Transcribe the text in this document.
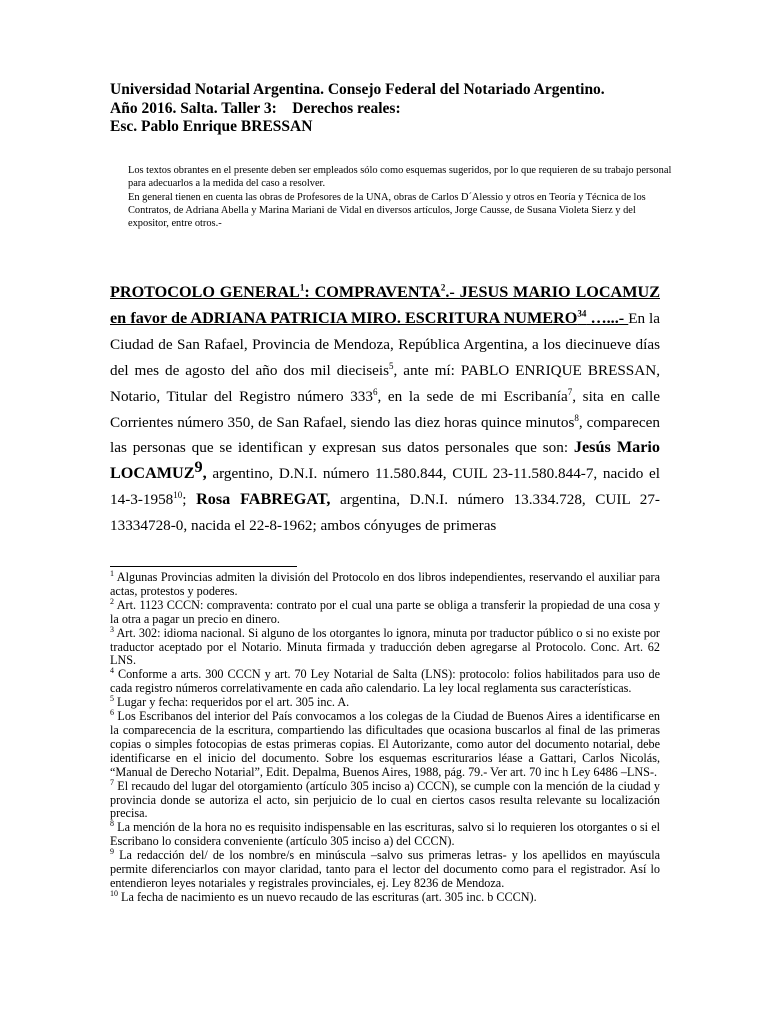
Universidad Notarial Argentina. Consejo Federal del Notariado Argentino.
Año 2016. Salta. Taller 3:    Derechos reales:
Esc. Pablo Enrique BRESSAN

Los textos obrantes en el presente deben ser empleados sólo como esquemas sugeridos, por lo que requieren de su trabajo personal para adecuarlos a la medida del caso a resolver.

En general tienen en cuenta las obras de Profesores de la UNA, obras de Carlos D´Alessio y otros en Teoría y Técnica de los Contratos, de Adriana Abella y Marina Mariani de Vidal en diversos artículos, Jorge Causse, de Susana Violeta Sierz y del expositor, entre otros.-

PROTOCOLO GENERAL$^1$: COMPRAVENTA$^2$.- JESUS MARIO LOCAMUZ en favor de ADRIANA PATRICIA MIRO. ESCRITURA NUMERO$^{34}$ …...- En la Ciudad de San Rafael, Provincia de Mendoza, República Argentina, a los diecinueve días del mes de agosto del año dos mil dieciseis$^5$, ante mí: PABLO ENRIQUE BRESSAN, Notario, Titular del Registro número $333^6$, en la sede de mi Escribanía$^7$, sita en calle Corrientes número 350, de San Rafael, siendo las diez horas quince minutos$^8$, comparecen las personas que se identifican y expresan sus datos personales que son: Jesús Mario LOCAMUZ$^9$, argentino, D.N.I. número 11.580.844, CUIL 23-11.580.844-7, nacido el 14-3-1958$^{10}$; Rosa FABREGAT, argentina, D.N.I. número 13.334.728, CUIL 27-13334728-0, nacida el 22-8-1962; ambos cónyuges de primeras

$^1$ Algunas Provincias admiten la división del Protocolo en dos libros independientes, reservando el auxiliar para actas, protestos y poderes.

$^2$ Art. 1123 CCCN: compraventa: contrato por el cual una parte se obliga a transferir la propiedad de una cosa y la otra a pagar un precio en dinero.

$^3$ Art. 302: idioma nacional. Si alguno de los otorgantes lo ignora, minuta por traductor público o si no existe por traductor aceptado por el Notario. Minuta firmada y traducción deben agregarse al Protocolo. Conc. Art. 62 LNS.

$^4$ Conforme a arts. 300 CCCN y art. 70 Ley Notarial de Salta (LNS): protocolo: folios habilitados para uso de cada registro números correlativamente en cada año calendario. La ley local reglamenta sus características.

$^5$ Lugar y fecha: requeridos por el art. 305 inc. A.

$^6$ Los Escribanos del interior del País convocamos a los colegas de la Ciudad de Buenos Aires a identificarse en la comparecencia de la escritura, compartiendo las dificultades que ocasiona buscarlos al final de las primeras copias o simples fotocopias de estas primeras copias. El Autorizante, como autor del documento notarial, debe identificarse en el inicio del documento. Sobre los esquemas escriturarios léase a Gattari, Carlos Nicolás, “Manual de Derecho Notarial”, Edit. Depalma, Buenos Aires, 1988, pág. 79.- Ver art. 70 inc h Ley 6486 –LNS-.

$^7$ El recaudo del lugar del otorgamiento (artículo 305 inciso a) CCCN), se cumple con la mención de la ciudad y provincia donde se autoriza el acto, sin perjuicio de lo cual en ciertos casos resulta relevante su localización precisa.

$^8$ La mención de la hora no es requisito indispensable en las escrituras, salvo si lo requieren los otorgantes o si el Escribano lo considera conveniente (artículo 305 inciso a) del CCCN).

$^9$ La redacción del/ de los nombre/s en minúscula –salvo sus primeras letras- y los apellidos en mayúscula permite diferenciarlos con mayor claridad, tanto para el lector del documento como para el registrador. Así lo entendieron leyes notariales y registrales provinciales, ej. Ley 8236 de Mendoza.

$^{10}$ La fecha de nacimiento es un nuevo recaudo de las escrituras (art. 305 inc. b CCCN).
